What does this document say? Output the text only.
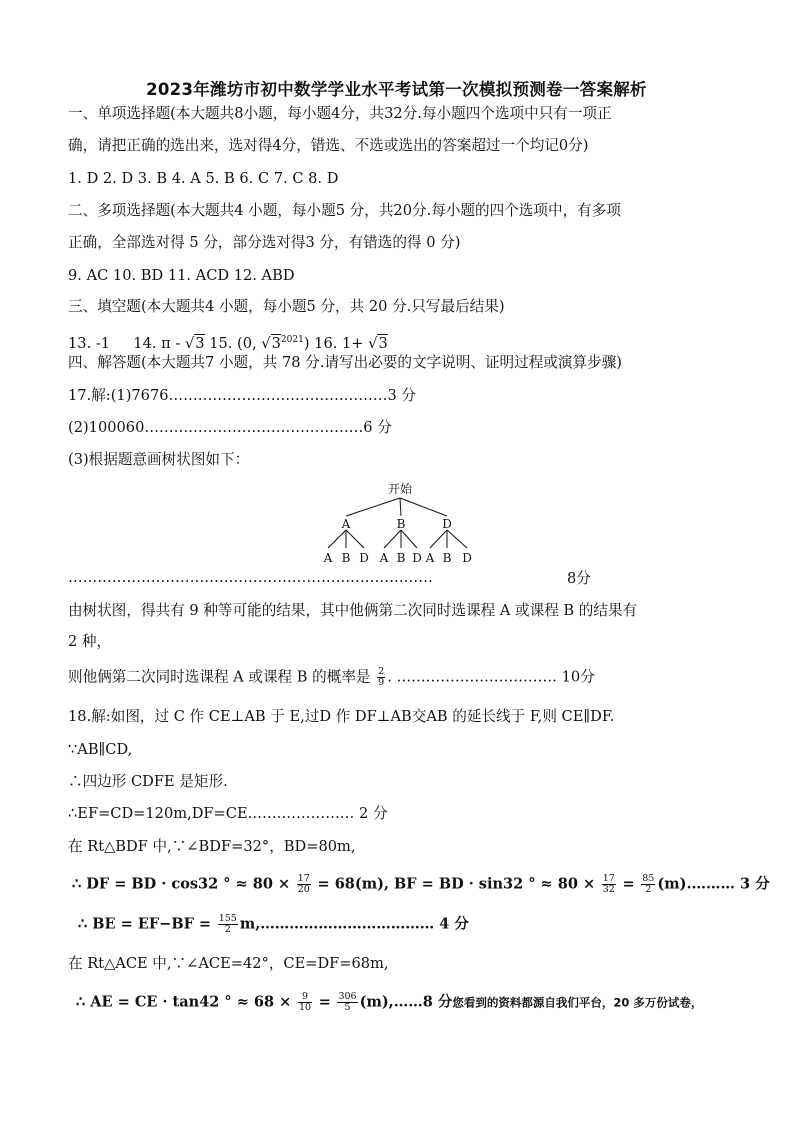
2023年潍坊市初中数学学业水平考试第一次模拟预测卷一答案解析
一、单项选择题(本大题共8小题，每小题4分，共32分.每小题四个选项中只有一项正
确，请把正确的选出来，选对得4分，错选、不选或选出的答案超过一个均记0分)
1. D 2. D 3. B 4. A 5. B 6. C 7. C 8. D
二、多项选择题(本大题共4 小题，每小题5 分，共20分.每小题的四个选项中，有多项
正确，全部选对得 5 分，部分选对得3 分，有错选的得 0 分)
9. AC 10. BD 11. ACD 12. ABD
三、填空题(本大题共4 小题，每小题5 分，共 20 分.只写最后结果)
13. -1 14. π - √3 15. (0, $√3^{2021}$) 16. 1+ √3
四、解答题(本大题共7 小题，共 78 分.请写出必要的文字说明、证明过程或演算步骤)
17.解:(1)7676………………………………………3 分
(2)100060………………………………………6 分
(3)根据题意画树状图如下：
开始
A	B	D
A B D A B D A B D
…………………………………………………………………	8分
由树状图，得共有 9 种等可能的结果，其中他俩第二次同时选课程 A 或课程 B 的结果有
2 种，
则他俩第二次同时选课程 A 或课程 B 的概率是 $\frac{2}{9}$ . …………………………… 10分
18.解:如图，过 C 作 CE⊥AB 于 E,过D 作 DF⊥AB交AB 的延长线于 F,则 CE∥DF.
∵AB∥CD,
∴四边形 CDFE 是矩形.
∴EF=CD=120m,DF=CE.………………… 2 分
在 Rt△BDF 中,∵∠BDF=32°，BD=80m,
∴ DF = BD · cos32 ° ≈ $80 \times \frac{17}{20} = 68(m)$, BF = BD · sin32 ° ≈ $80 \times \frac{17}{32} = \frac{85}{2}$ (m).……… 3 分
∴ BE = $EF-BF = \frac{155}{2}$ m,……………………………… 4 分
在 Rt△ACE 中,∵∠ACE=42°，CE=DF=68m,
∴ AE = CE · tan42 ° ≈ $68 \times \frac{9}{10} = \frac{306}{5}$ (m),……8 分您看到的资料都源自我们平台，20 多万份试卷，
